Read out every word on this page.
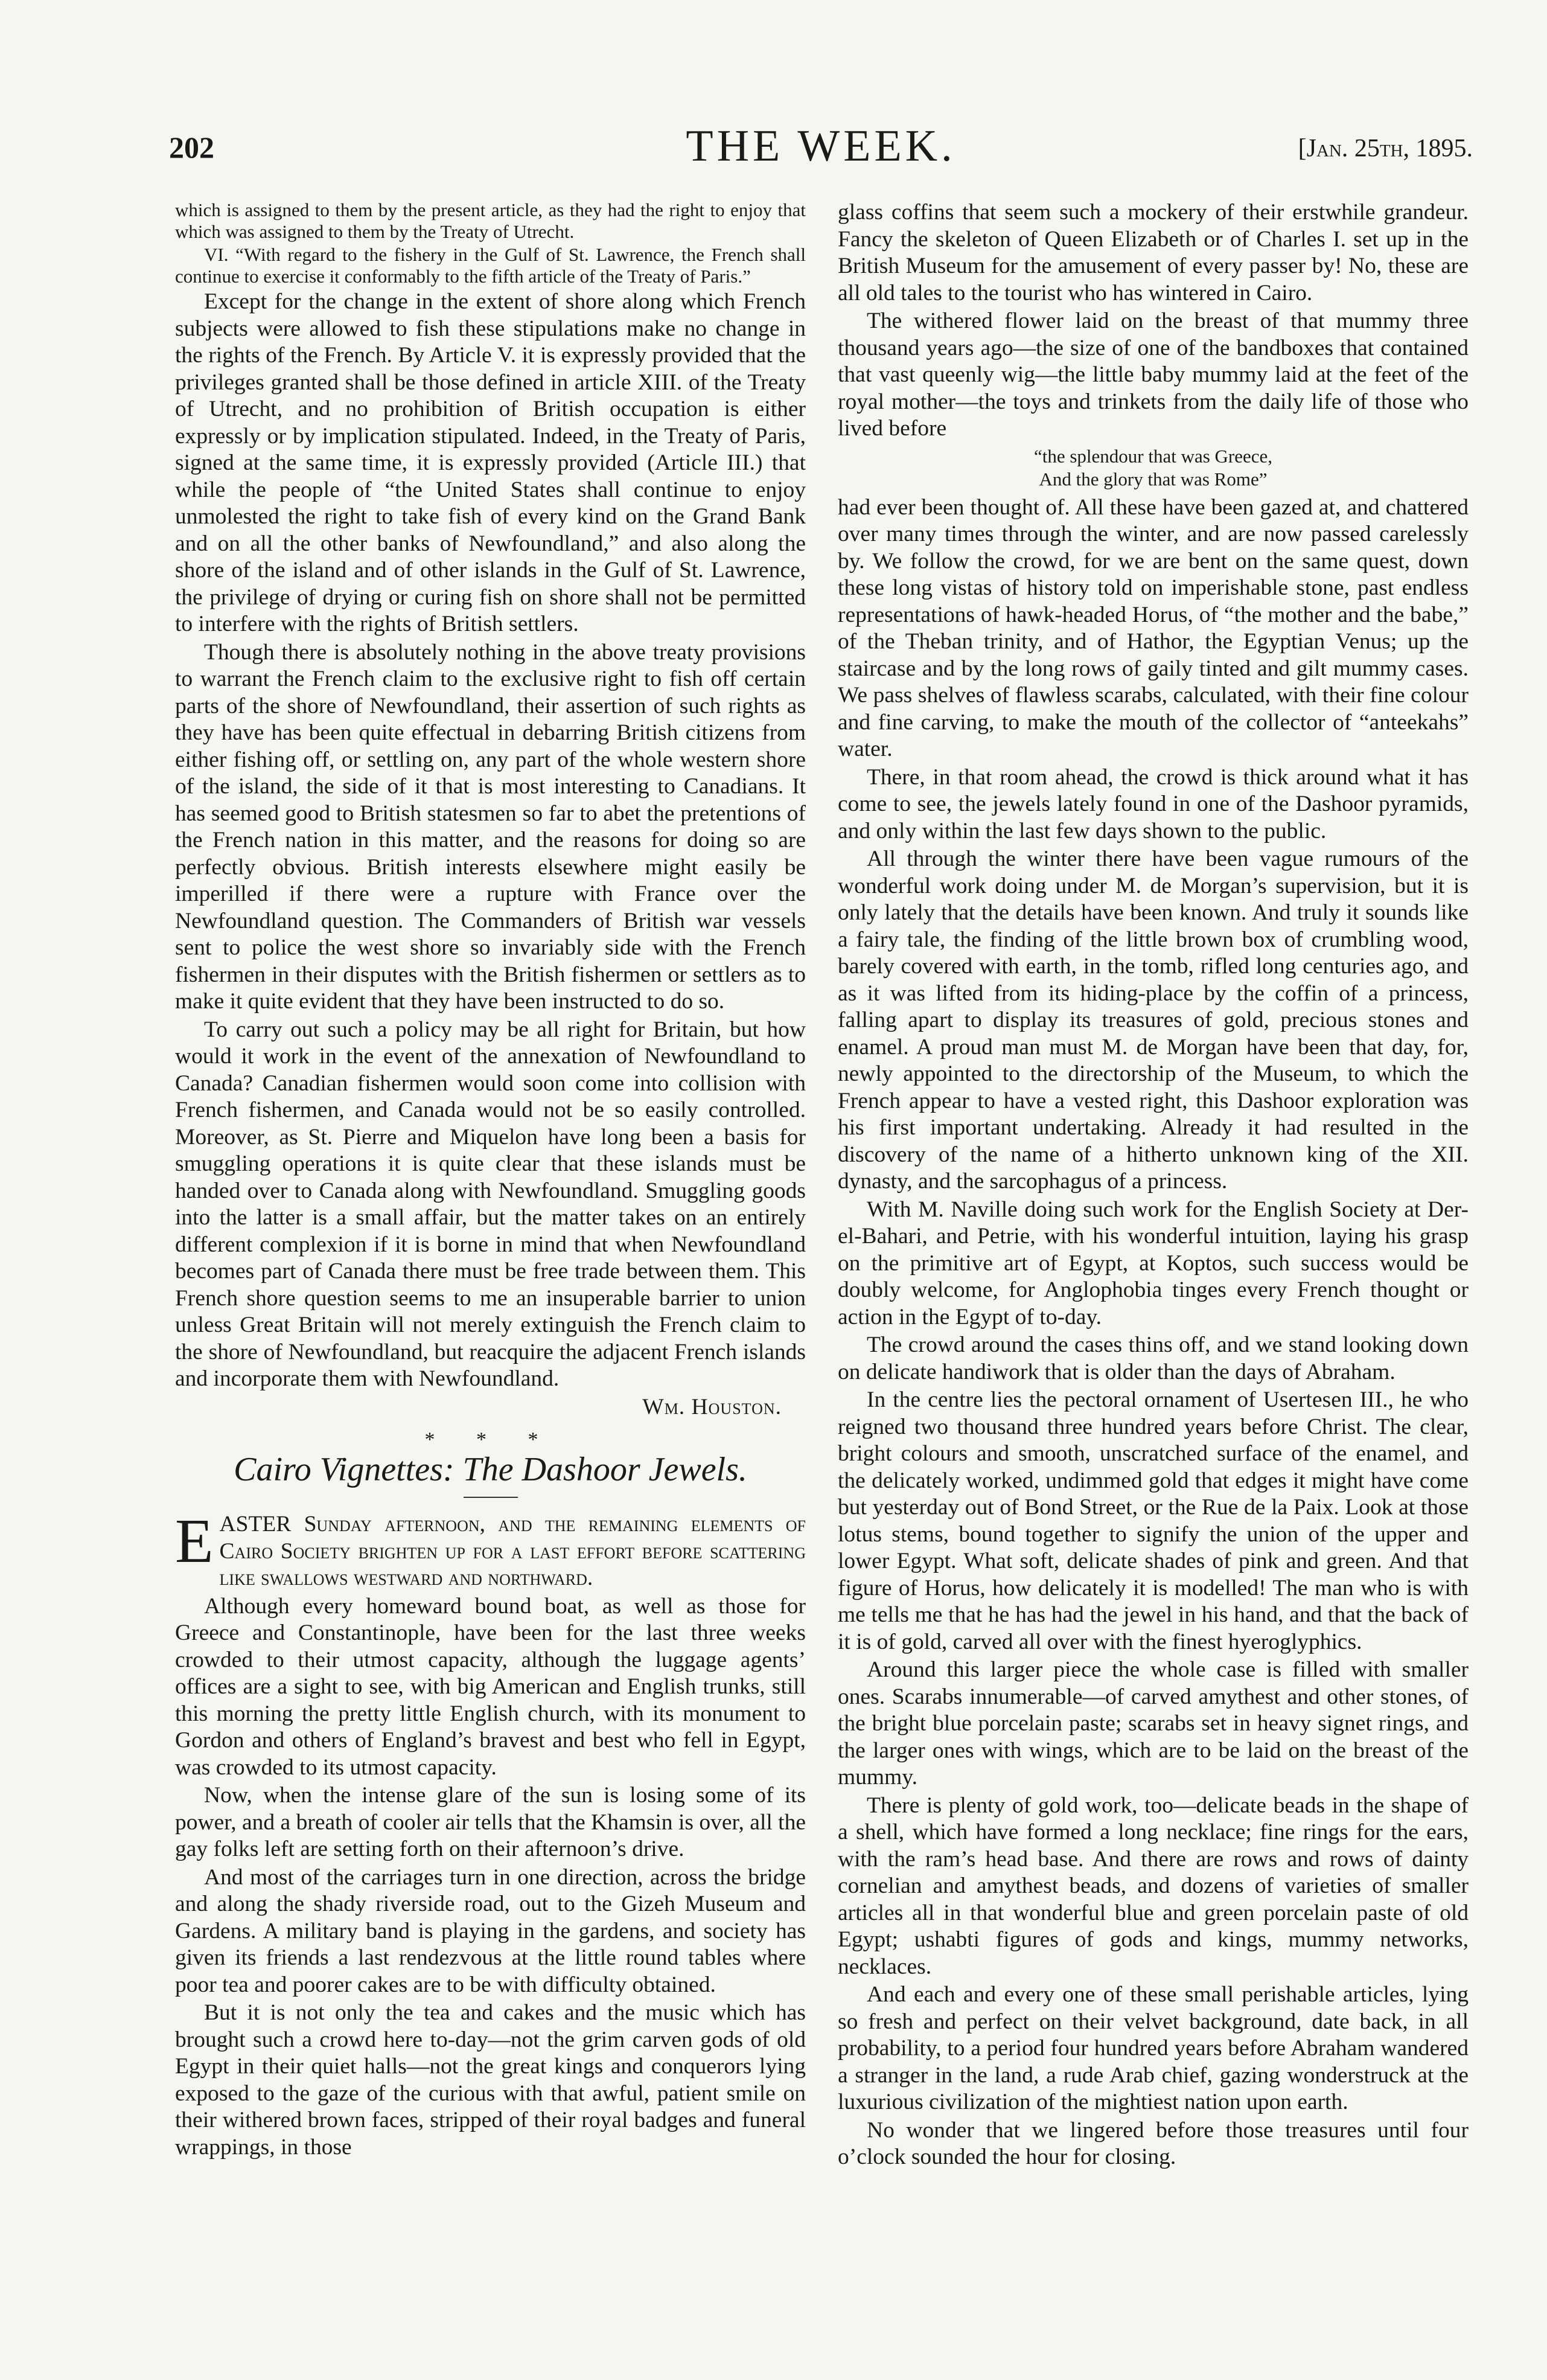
202	THE WEEK.	[Jan. 25th, 1895.

which is assigned to them by the present article, as they had the right to enjoy that which was assigned to them by the Treaty of Utrecht.

VI. “With regard to the fishery in the Gulf of St. Lawrence, the French shall continue to exercise it conformably to the fifth article of the Treaty of Paris.”

Except for the change in the extent of shore along which French subjects were allowed to fish these stipulations make no change in the rights of the French. By Article V. it is expressly provided that the privileges granted shall be those defined in article XIII. of the Treaty of Utrecht, and no prohibition of British occupation is either expressly or by implication stipulated. Indeed, in the Treaty of Paris, signed at the same time, it is expressly provided (Article III.) that while the people of “the United States shall continue to enjoy unmolested the right to take fish of every kind on the Grand Bank and on all the other banks of Newfoundland,” and also along the shore of the island and of other islands in the Gulf of St. Lawrence, the privilege of drying or curing fish on shore shall not be permitted to interfere with the rights of British settlers.

Though there is absolutely nothing in the above treaty provisions to warrant the French claim to the exclusive right to fish off certain parts of the shore of Newfoundland, their assertion of such rights as they have has been quite effectual in debarring British citizens from either fishing off, or settling on, any part of the whole western shore of the island, the side of it that is most interesting to Canadians. It has seemed good to British statesmen so far to abet the pretentions of the French nation in this matter, and the reasons for doing so are perfectly obvious. British interests elsewhere might easily be imperilled if there were a rupture with France over the Newfoundland question. The Commanders of British war vessels sent to police the west shore so invariably side with the French fishermen in their disputes with the British fishermen or settlers as to make it quite evident that they have been instructed to do so.

To carry out such a policy may be all right for Britain, but how would it work in the event of the annexation of Newfoundland to Canada? Canadian fishermen would soon come into collision with French fishermen, and Canada would not be so easily controlled. Moreover, as St. Pierre and Miquelon have long been a basis for smuggling operations it is quite clear that these islands must be handed over to Canada along with Newfoundland. Smuggling goods into the latter is a small affair, but the matter takes on an entirely different complexion if it is borne in mind that when Newfoundland becomes part of Canada there must be free trade between them. This French shore question seems to me an insuperable barrier to union unless Great Britain will not merely extinguish the French claim to the shore of Newfoundland, but reacquire the adjacent French islands and incorporate them with Newfoundland.

Wm. Houston.

* * *
Cairo Vignettes: The Dashoor Jewels.

EASTER Sunday afternoon, and the remaining elements of Cairo Society brighten up for a last effort before scattering like swallows westward and northward.

Although every homeward bound boat, as well as those for Greece and Constantinople, have been for the last three weeks crowded to their utmost capacity, although the luggage agents’ offices are a sight to see, with big American and English trunks, still this morning the pretty little English church, with its monument to Gordon and others of England’s bravest and best who fell in Egypt, was crowded to its utmost capacity.

Now, when the intense glare of the sun is losing some of its power, and a breath of cooler air tells that the Khamsin is over, all the gay folks left are setting forth on their afternoon’s drive.

And most of the carriages turn in one direction, across the bridge and along the shady riverside road, out to the Gizeh Museum and Gardens. A military band is playing in the gardens, and society has given its friends a last rendezvous at the little round tables where poor tea and poorer cakes are to be with difficulty obtained.

But it is not only the tea and cakes and the music which has brought such a crowd here to-day—not the grim carven gods of old Egypt in their quiet halls—not the great kings and conquerors lying exposed to the gaze of the curious with that awful, patient smile on their withered brown faces, stripped of their royal badges and funeral wrappings, in those

glass coffins that seem such a mockery of their erstwhile grandeur. Fancy the skeleton of Queen Elizabeth or of Charles I. set up in the British Museum for the amusement of every passer by! No, these are all old tales to the tourist who has wintered in Cairo.

The withered flower laid on the breast of that mummy three thousand years ago—the size of one of the bandboxes that contained that vast queenly wig—the little baby mummy laid at the feet of the royal mother—the toys and trinkets from the daily life of those who lived before

“the splendour that was Greece,
And the glory that was Rome”

had ever been thought of. All these have been gazed at, and chattered over many times through the winter, and are now passed carelessly by. We follow the crowd, for we are bent on the same quest, down these long vistas of history told on imperishable stone, past endless representations of hawk-headed Horus, of “the mother and the babe,” of the Theban trinity, and of Hathor, the Egyptian Venus; up the staircase and by the long rows of gaily tinted and gilt mummy cases. We pass shelves of flawless scarabs, calculated, with their fine colour and fine carving, to make the mouth of the collector of “anteekahs” water.

There, in that room ahead, the crowd is thick around what it has come to see, the jewels lately found in one of the Dashoor pyramids, and only within the last few days shown to the public.

All through the winter there have been vague rumours of the wonderful work doing under M. de Morgan’s supervision, but it is only lately that the details have been known. And truly it sounds like a fairy tale, the finding of the little brown box of crumbling wood, barely covered with earth, in the tomb, rifled long centuries ago, and as it was lifted from its hiding-place by the coffin of a princess, falling apart to display its treasures of gold, precious stones and enamel. A proud man must M. de Morgan have been that day, for, newly appointed to the directorship of the Museum, to which the French appear to have a vested right, this Dashoor exploration was his first important undertaking. Already it had resulted in the discovery of the name of a hitherto unknown king of the XII. dynasty, and the sarcophagus of a princess.

With M. Naville doing such work for the English Society at Der-el-Bahari, and Petrie, with his wonderful intuition, laying his grasp on the primitive art of Egypt, at Koptos, such success would be doubly welcome, for Anglophobia tinges every French thought or action in the Egypt of to-day.

The crowd around the cases thins off, and we stand looking down on delicate handiwork that is older than the days of Abraham.

In the centre lies the pectoral ornament of Usertesen III., he who reigned two thousand three hundred years before Christ. The clear, bright colours and smooth, unscratched surface of the enamel, and the delicately worked, undimmed gold that edges it might have come but yesterday out of Bond Street, or the Rue de la Paix. Look at those lotus stems, bound together to signify the union of the upper and lower Egypt. What soft, delicate shades of pink and green. And that figure of Horus, how delicately it is modelled! The man who is with me tells me that he has had the jewel in his hand, and that the back of it is of gold, carved all over with the finest hyeroglyphics.

Around this larger piece the whole case is filled with smaller ones. Scarabs innumerable—of carved amythest and other stones, of the bright blue porcelain paste; scarabs set in heavy signet rings, and the larger ones with wings, which are to be laid on the breast of the mummy.

There is plenty of gold work, too—delicate beads in the shape of a shell, which have formed a long necklace; fine rings for the ears, with the ram’s head base. And there are rows and rows of dainty cornelian and amythest beads, and dozens of varieties of smaller articles all in that wonderful blue and green porcelain paste of old Egypt; ushabti figures of gods and kings, mummy networks, necklaces.

And each and every one of these small perishable articles, lying so fresh and perfect on their velvet background, date back, in all probability, to a period four hundred years before Abraham wandered a stranger in the land, a rude Arab chief, gazing wonderstruck at the luxurious civilization of the mightiest nation upon earth.

No wonder that we lingered before those treasures until four o’clock sounded the hour for closing.
